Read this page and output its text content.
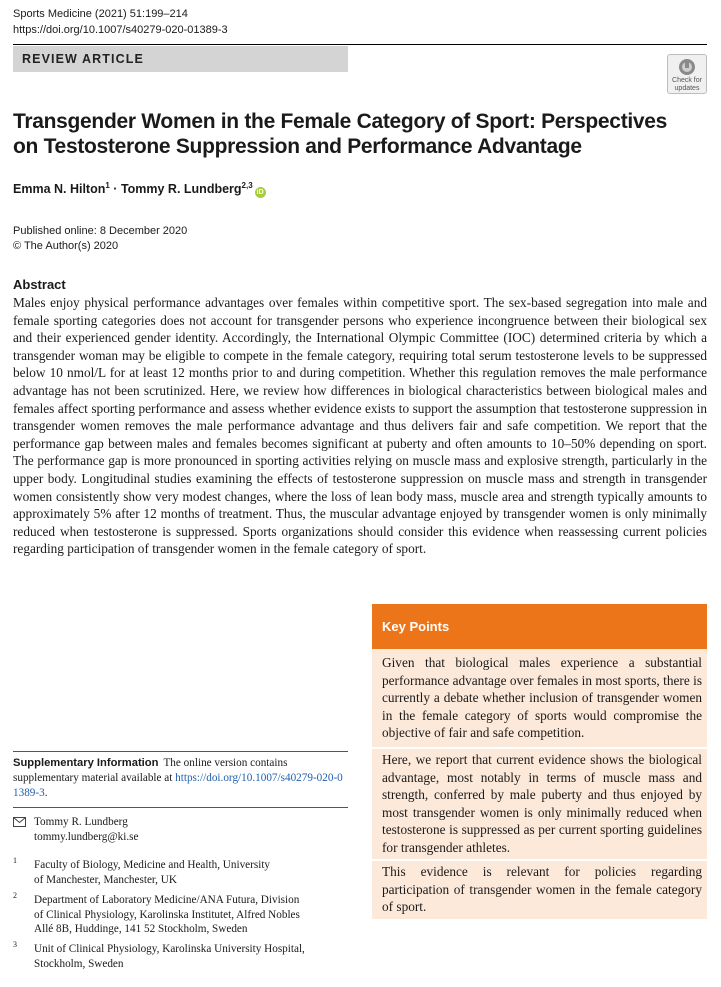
Sports Medicine (2021) 51:199–214
https://doi.org/10.1007/s40279-020-01389-3
REVIEW ARTICLE
Check for updates
Transgender Women in the Female Category of Sport: Perspectives on Testosterone Suppression and Performance Advantage
Emma N. Hilton$^1$ · Tommy R. Lundberg$^{2,3}$iD
Published online: 8 December 2020
© The Author(s) 2020
Abstract
Males enjoy physical performance advantages over females within competitive sport. The sex-based segregation into male and female sporting categories does not account for transgender persons who experience incongruence between their biological sex and their experienced gender identity. Accordingly, the International Olympic Committee (IOC) determined criteria by which a transgender woman may be eligible to compete in the female category, requiring total serum testosterone levels to be suppressed below 10 nmol/L for at least 12 months prior to and during competition. Whether this regulation removes the male performance advantage has not been scrutinized. Here, we review how differences in biological characteristics between biological males and females affect sporting performance and assess whether evidence exists to support the assumption that testosterone suppression in transgender women removes the male performance advantage and thus delivers fair and safe competition. We report that the performance gap between males and females becomes significant at puberty and often amounts to 10–50% depending on sport. The performance gap is more pronounced in sporting activities relying on muscle mass and explosive strength, particularly in the upper body. Longitudinal studies examining the effects of testosterone suppression on muscle mass and strength in transgender women consistently show very modest changes, where the loss of lean body mass, muscle area and strength typically amounts to approximately 5% after 12 months of treatment. Thus, the muscular advantage enjoyed by transgender women is only minimally reduced when testosterone is suppressed. Sports organizations should consider this evidence when reassessing current policies regarding participation of transgender women in the female category of sport.
Key Points
Given that biological males experience a substantial performance advantage over females in most sports, there is currently a debate whether inclusion of transgender women in the female category of sports would compromise the objective of fair and safe competition.
Here, we report that current evidence shows the biological advantage, most notably in terms of muscle mass and strength, conferred by male puberty and thus enjoyed by most transgender women is only minimally reduced when testosterone is suppressed as per current sporting guidelines for transgender athletes.
This evidence is relevant for policies regarding participation of transgender women in the female category of sport.
Supplementary Information The online version contains supplementary material available at https://doi.org/10.1007/s40279-020-01389-3.
Tommy R. Lundberg
tommy.lundberg@ki.se
1 Faculty of Biology, Medicine and Health, University
of Manchester, Manchester, UK
2 Department of Laboratory Medicine/ANA Futura, Division
of Clinical Physiology, Karolinska Institutet, Alfred Nobles
Allé 8B, Huddinge, 141 52 Stockholm, Sweden
3 Unit of Clinical Physiology, Karolinska University Hospital,
Stockholm, Sweden
